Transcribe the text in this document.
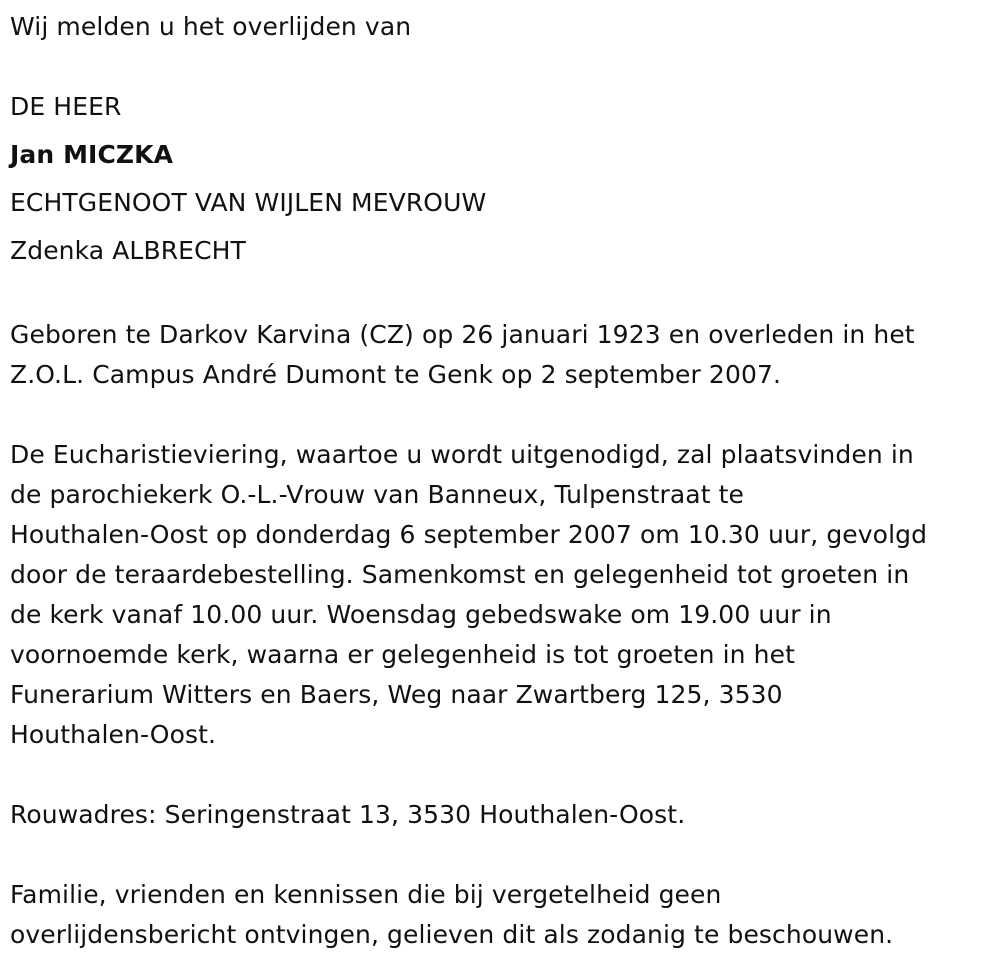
Wij melden u het overlijden van
DE HEER
Jan MICZKA
ECHTGENOOT VAN WIJLEN MEVROUW
Zdenka ALBRECHT
Geboren te Darkov Karvina (CZ) op 26 januari 1923 en overleden in het
Z.O.L. Campus André Dumont te Genk op 2 september 2007.
De Eucharistieviering, waartoe u wordt uitgenodigd, zal plaatsvinden in
de parochiekerk O.-L.-Vrouw van Banneux, Tulpenstraat te
Houthalen-Oost op donderdag 6 september 2007 om 10.30 uur, gevolgd
door de teraardebestelling. Samenkomst en gelegenheid tot groeten in
de kerk vanaf 10.00 uur. Woensdag gebedswake om 19.00 uur in
voornoemde kerk, waarna er gelegenheid is tot groeten in het
Funerarium Witters en Baers, Weg naar Zwartberg 125, 3530
Houthalen-Oost.
Rouwadres: Seringenstraat 13, 3530 Houthalen-Oost.
Familie, vrienden en kennissen die bij vergetelheid geen
overlijdensbericht ontvingen, gelieven dit als zodanig te beschouwen.
